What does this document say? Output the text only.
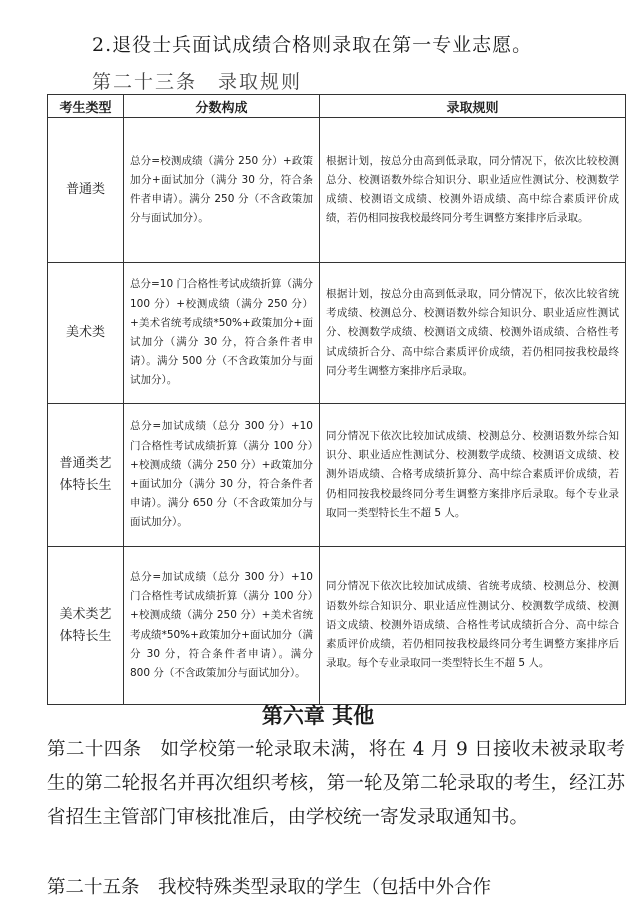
2.退役士兵面试成绩合格则录取在第一专业志愿。
第二十三条　录取规则
考生类型	分数构成	录取规则
普通类	总分=校测成绩（满分 250 分）+政策加分+面试加分（满分 30 分，符合条件者申请）。满分 250 分（不含政策加分与面试加分）。	根据计划，按总分由高到低录取，同分情况下，依次比较校测总分、校测语数外综合知识分、职业适应性测试分、校测数学成绩、校测语文成绩、校测外语成绩、高中综合素质评价成绩，若仍相同按我校最终同分考生调整方案排序后录取。
美术类	总分=10 门合格性考试成绩折算（满分 100 分）+校测成绩（满分 250 分）+美术省统考成绩*50%+政策加分+面试加分（满分 30 分，符合条件者申请）。满分 500 分（不含政策加分与面试加分）。	根据计划，按总分由高到低录取，同分情况下，依次比较省统考成绩、校测总分、校测语数外综合知识分、职业适应性测试分、校测数学成绩、校测语文成绩、校测外语成绩、合格性考试成绩折合分、高中综合素质评价成绩，若仍相同按我校最终同分考生调整方案排序后录取。
普通类艺体特长生	总分=加试成绩（总分 300 分）+10 门合格性考试成绩折算（满分 100 分）+校测成绩（满分 250 分）+政策加分+面试加分（满分 30 分，符合条件者申请）。满分 650 分（不含政策加分与面试加分）。	同分情况下依次比较加试成绩、校测总分、校测语数外综合知识分、职业适应性测试分、校测数学成绩、校测语文成绩、校测外语成绩、合格考成绩折算分、高中综合素质评价成绩，若仍相同按我校最终同分考生调整方案排序后录取。每个专业录取同一类型特长生不超 5 人。
美术类艺体特长生	总分=加试成绩（总分 300 分）+10 门合格性考试成绩折算（满分 100 分）+校测成绩（满分 250 分）+美术省统考成绩*50%+政策加分+面试加分（满分 30 分，符合条件者申请）。满分 800 分（不含政策加分与面试加分）。	同分情况下依次比较加试成绩、省统考成绩、校测总分、校测语数外综合知识分、职业适应性测试分、校测数学成绩、校测语文成绩、校测外语成绩、合格性考试成绩折合分、高中综合素质评价成绩，若仍相同按我校最终同分考生调整方案排序后录取。每个专业录取同一类型特长生不超 5 人。
第六章 其他
第二十四条　如学校第一轮录取未满，将在 4 月 9 日接收未被录取考生的第二轮报名并再次组织考核，第一轮及第二轮录取的考生，经江苏省招生主管部门审核批准后，由学校统一寄发录取通知书。
第二十五条　我校特殊类型录取的学生（包括中外合作
